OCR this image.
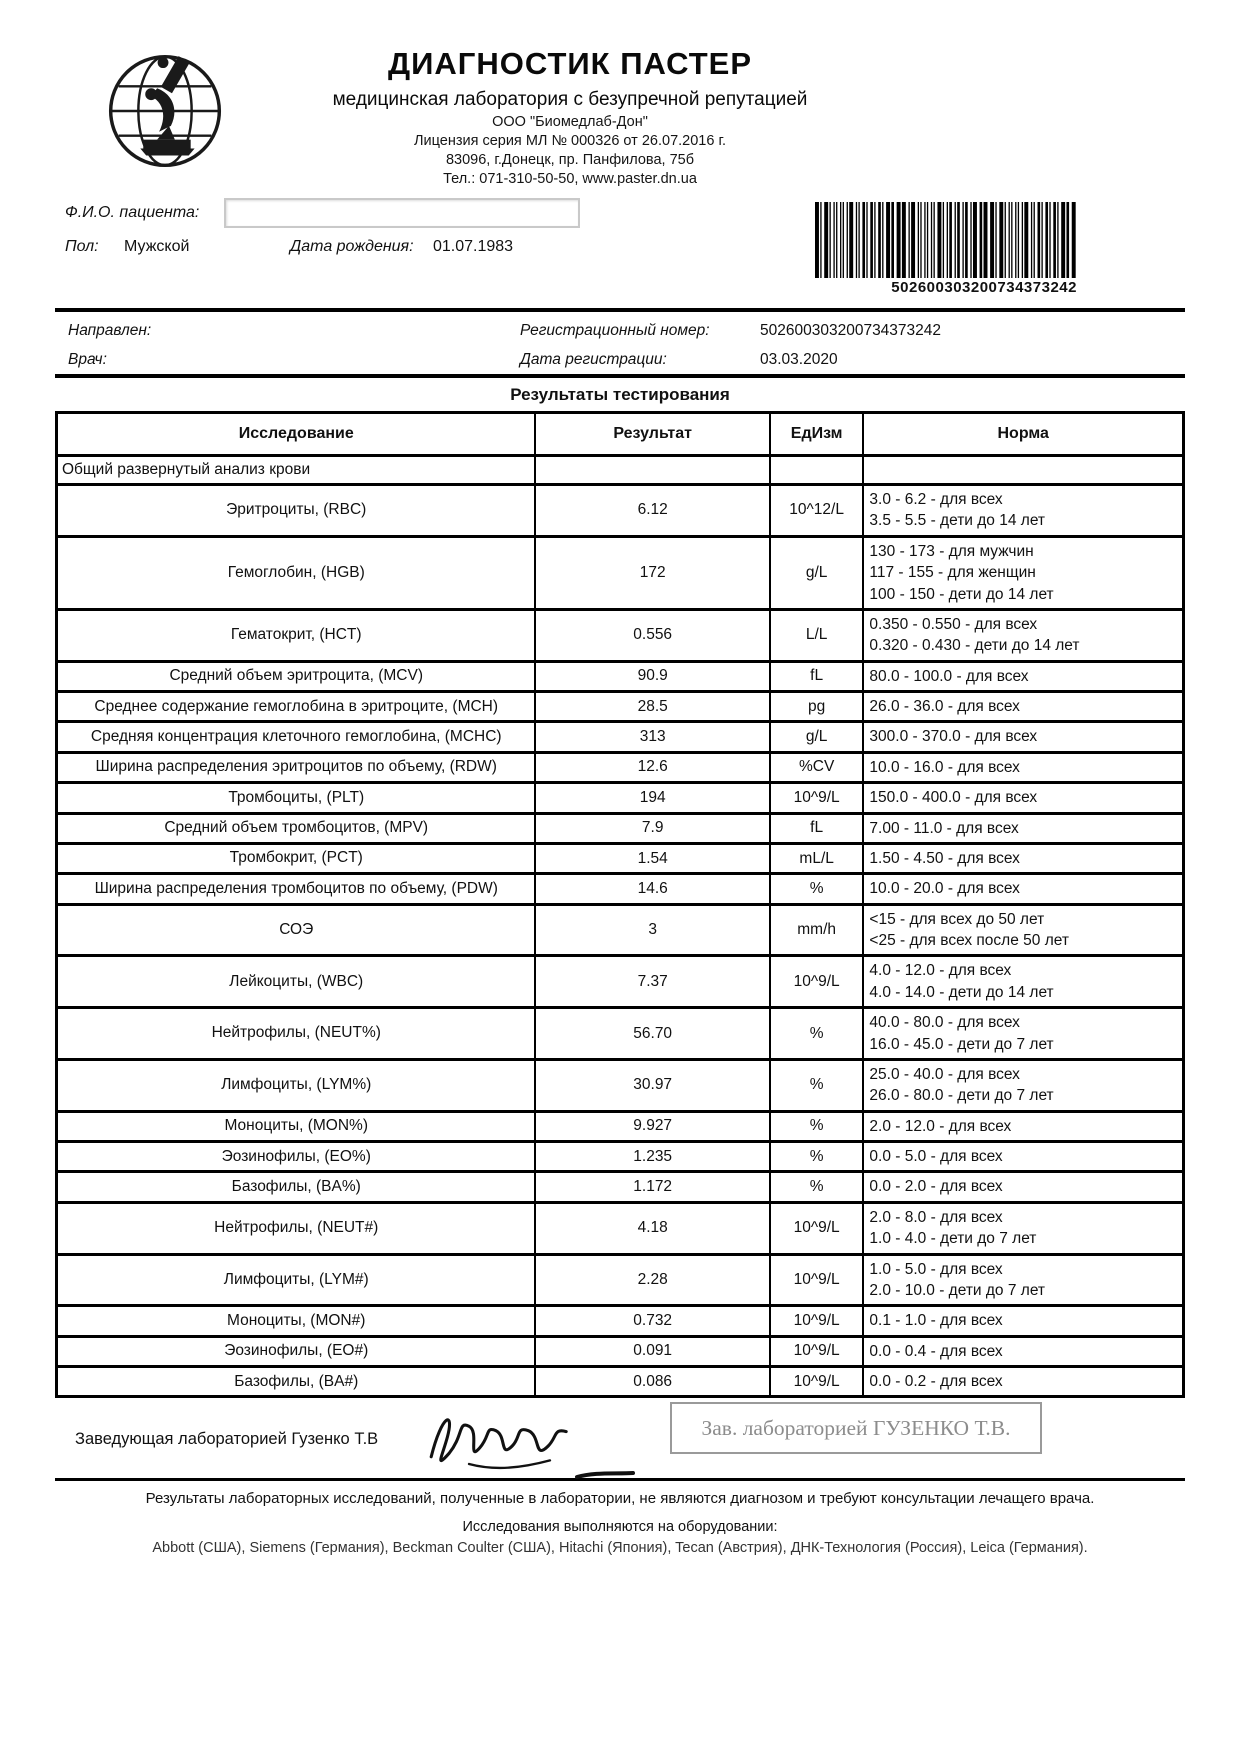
ДИАГНОСТИК ПАСТЕР
медицинская лаборатория с безупречной репутацией
ООО "Биомедлаб-Дон"
Лицензия серия МЛ № 000326 от 26.07.2016 г.
83096, г.Донецк, пр. Панфилова, 75б
Тел.: 071-310-50-50, www.paster.dn.ua
Ф.И.О. пациента:
Пол: Мужской	Дата рождения: 01.07.1983
502600303200734373242
Направлен:
Врач:
Регистрационный номер:	502600303200734373242
Дата регистрации:	03.03.2020
Результаты тестирования
Исследование	Результат	ЕдИзм	Норма
Общий развернутый анализ крови			
Эритроциты, (RBC)	6.12	10^12/L	3.0 - 6.2 - для всех
3.5 - 5.5 - дети до 14 лет

Гемоглобин, (HGB)	172	g/L	130 - 173 - для мужчин
117 - 155 - для женщин
100 - 150 - дети до 14 лет

Гематокрит, (HCT)	0.556	L/L	0.350 - 0.550 - для всех
0.320 - 0.430 - дети до 14 лет

Средний объем эритроцита, (MCV)	90.9	fL	80.0 - 100.0 - для всех

Среднее содержание гемоглобина в эритроците, (MCH)	28.5	pg	26.0 - 36.0 - для всех

Средняя концентрация клеточного гемоглобина, (MCHC)	313	g/L	300.0 - 370.0 - для всех

Ширина распределения эритроцитов по объему, (RDW)	12.6	%CV	10.0 - 16.0 - для всех

Тромбоциты, (PLT)	194	10^9/L	150.0 - 400.0 - для всех

Средний объем тромбоцитов, (MPV)	7.9	fL	7.00 - 11.0 - для всех

Тромбокрит, (PCT)	1.54	mL/L	1.50 - 4.50 - для всех

Ширина распределения тромбоцитов по объему, (PDW)	14.6	%	10.0 - 20.0 - для всех

СОЭ	3	mm/h	<15 - для всех до 50 лет
<25 - для всех после 50 лет

Лейкоциты, (WBC)	7.37	10^9/L	4.0 - 12.0 - для всех
4.0 - 14.0 - дети до 14 лет

Нейтрофилы, (NEUT%)	56.70	%	40.0 - 80.0 - для всех
16.0 - 45.0 - дети до 7 лет

Лимфоциты, (LYM%)	30.97	%	25.0 - 40.0 - для всех
26.0 - 80.0 - дети до 7 лет

Моноциты, (MON%)	9.927	%	2.0 - 12.0 - для всех

Эозинофилы, (EO%)	1.235	%	0.0 - 5.0 - для всех

Базофилы, (BA%)	1.172	%	0.0 - 2.0 - для всех

Нейтрофилы, (NEUT#)	4.18	10^9/L	2.0 - 8.0 - для всех
1.0 - 4.0 - дети до 7 лет

Лимфоциты, (LYM#)	2.28	10^9/L	1.0 - 5.0 - для всех
2.0 - 10.0 - дети до 7 лет

Моноциты, (MON#)	0.732	10^9/L	0.1 - 1.0 - для всех

Эозинофилы, (EO#)	0.091	10^9/L	0.0 - 0.4 - для всех

Базофилы, (BA#)	0.086	10^9/L	0.0 - 0.2 - для всех
Заведующая лабораторией Гузенко Т.В	Зав. лабораторией ГУЗЕНКО Т.В.
Результаты лабораторных исследований, полученные в лаборатории, не являются диагнозом и требуют консультации лечащего врача.
Исследования выполняются на оборудовании:
Abbott (США), Siemens (Германия), Beckman Coulter (США), Hitachi (Япония), Tecan (Австрия), ДНК-Технология (Россия), Leica (Германия).
